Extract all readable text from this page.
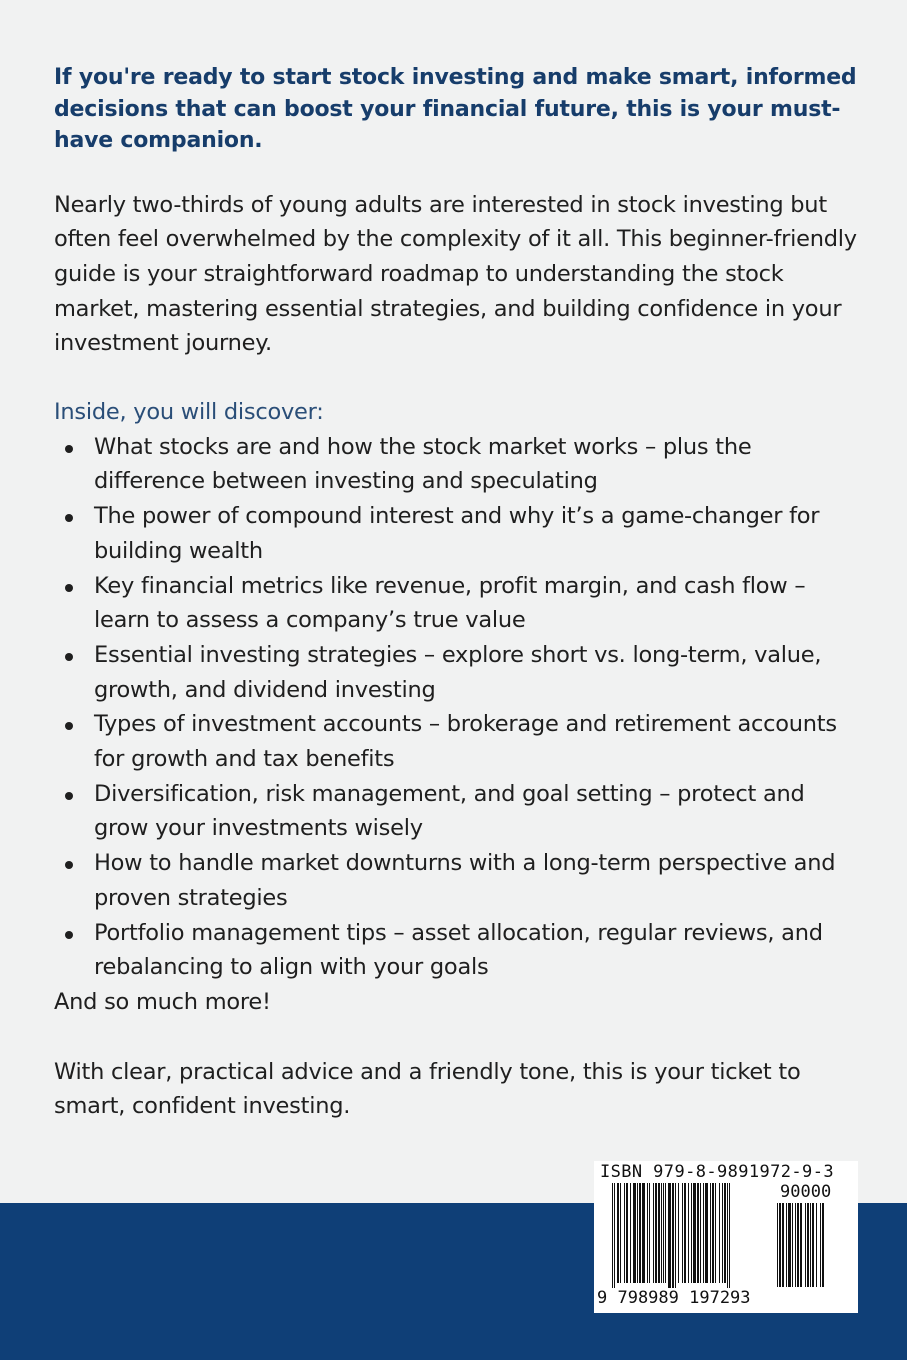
If you're ready to start stock investing and make smart, informed decisions that can boost your financial future, this is your must-have companion.

Nearly two-thirds of young adults are interested in stock investing but often feel overwhelmed by the complexity of it all. This beginner-friendly guide is your straightforward roadmap to understanding the stock market, mastering essential strategies, and building confidence in your investment journey.

Inside, you will discover:

What stocks are and how the stock market works – plus the difference between investing and speculating
The power of compound interest and why it’s a game-changer for building wealth
Key financial metrics like revenue, profit margin, and cash flow – learn to assess a company’s true value
Essential investing strategies – explore short vs. long-term, value, growth, and dividend investing
Types of investment accounts – brokerage and retirement accounts for growth and tax benefits
Diversification, risk management, and goal setting – protect and grow your investments wisely
How to handle market downturns with a long-term perspective and proven strategies
Portfolio management tips – asset allocation, regular reviews, and rebalancing to align with your goals

And so much more!

With clear, practical advice and a friendly tone, this is your ticket to smart, confident investing.

ISBN 979-8-9891972-9-3
90000
9 798989 197293
